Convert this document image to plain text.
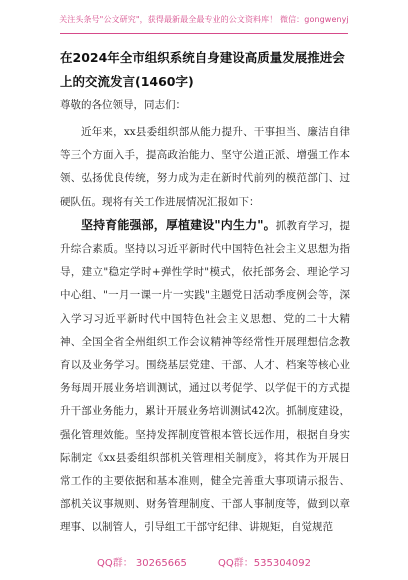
关注头条号"公文研究"，获得最新最全最专业的公文资料库！ 微信：gongwenyj
在2024年全市组织系统自身建设高质量发展推进会上的交流发言(1460字)
尊敬的各位领导，同志们：

近年来，xx县委组织部从能力提升、干事担当、廉洁自律等三个方面入手，提高政治能力、坚守公道正派、增强工作本领、弘扬优良传统，努力成为走在新时代前列的模范部门、过硬队伍。现将有关工作进展情况汇报如下：

坚持育能强部，厚植建设"内生力"。抓教育学习，提升综合素质。坚持以习近平新时代中国特色社会主义思想为指导，建立"稳定学时+弹性学时"模式，依托部务会、理论学习中心组、"一月一课一片一实践"主题党日活动季度例会等，深入学习习近平新时代中国特色社会主义思想、党的二十大精神、全国全省全州组织工作会议精神等经常性开展理想信念教育以及业务学习。围绕基层党建、干部、人才、档案等核心业务每周开展业务培训测试，通过以考促学、以学促干的方式提升干部业务能力，累计开展业务培训测试42次。抓制度建设，强化管理效能。坚持发挥制度管根本管长远作用，根据自身实际制定《xx县委组织部机关管理相关制度》，将其作为开展日常工作的主要依据和基本准则，健全完善重大事项请示报告、部机关议事规则、财务管理制度、干部人事制度等，做到以章理事、以制管人，引导组工干部守纪律、讲规矩，自觉规范

QQ群： 30265665	QQ群：535304092
